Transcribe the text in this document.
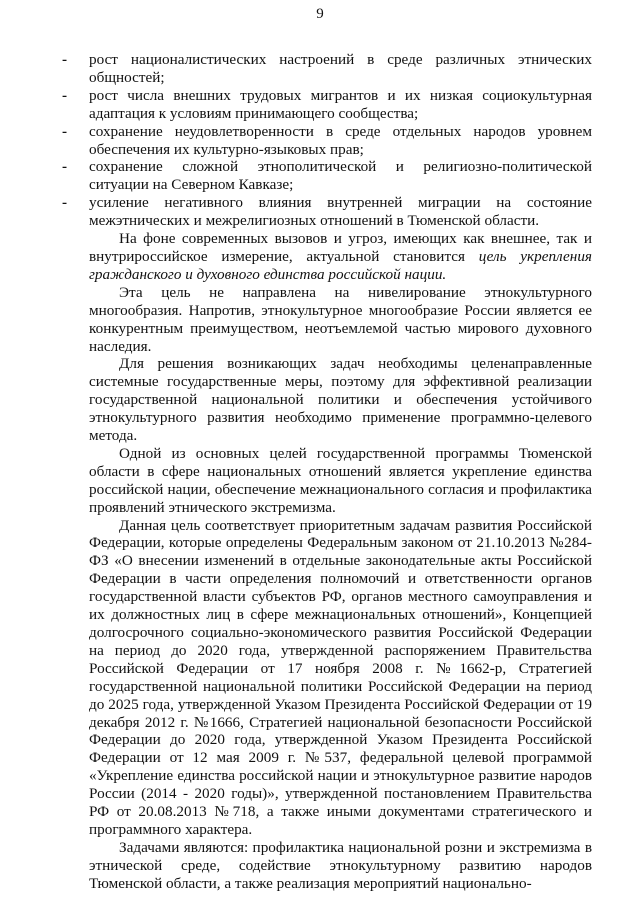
9
- рост националистических настроений в среде различных этнических общностей;
- рост числа внешних трудовых мигрантов и их низкая социокультурная адаптация к условиям принимающего сообщества;
- сохранение неудовлетворенности в среде отдельных народов уровнем обеспечения их культурно-языковых прав;
- сохранение сложной этнополитической и религиозно-политической ситуации на Северном Кавказе;
- усиление негативного влияния внутренней миграции на состояние межэтнических и межрелигиозных отношений в Тюменской области.

На фоне современных вызовов и угроз, имеющих как внешнее, так и внутрироссийское измерение, актуальной становится цель укрепления гражданского и духовного единства российской нации.

Эта цель не направлена на нивелирование этнокультурного многообразия. Напротив, этнокультурное многообразие России является ее конкурентным преимуществом, неотъемлемой частью мирового духовного наследия.

Для решения возникающих задач необходимы целенаправленные системные государственные меры, поэтому для эффективной реализации государственной национальной политики и обеспечения устойчивого этнокультурного развития необходимо применение программно-целевого метода.

Одной из основных целей государственной программы Тюменской области в сфере национальных отношений является укрепление единства российской нации, обеспечение межнационального согласия и профилактика проявлений этнического экстремизма.

Данная цель соответствует приоритетным задачам развития Российской Федерации, которые определены Федеральным законом от 21.10.2013 №284-ФЗ «О внесении изменений в отдельные законодательные акты Российской Федерации в части определения полномочий и ответственности органов государственной власти субъектов РФ, органов местного самоуправления и их должностных лиц в сфере межнациональных отношений», Концепцией долгосрочного социально-экономического развития Российской Федерации на период до 2020 года, утвержденной распоряжением Правительства Российской Федерации от 17 ноября 2008 г. №1662-р, Стратегией государственной национальной политики Российской Федерации на период до 2025 года, утвержденной Указом Президента Российской Федерации от 19 декабря 2012 г. №1666, Стратегией национальной безопасности Российской Федерации до 2020 года, утвержденной Указом Президента Российской Федерации от 12 мая 2009 г. №537, федеральной целевой программой «Укрепление единства российской нации и этнокультурное развитие народов России (2014 - 2020 годы)», утвержденной постановлением Правительства РФ от 20.08.2013 №718, а также иными документами стратегического и программного характера.

Задачами являются: профилактика национальной розни и экстремизма в этнической среде, содействие этнокультурному развитию народов Тюменской области, а также реализация мероприятий национально-
